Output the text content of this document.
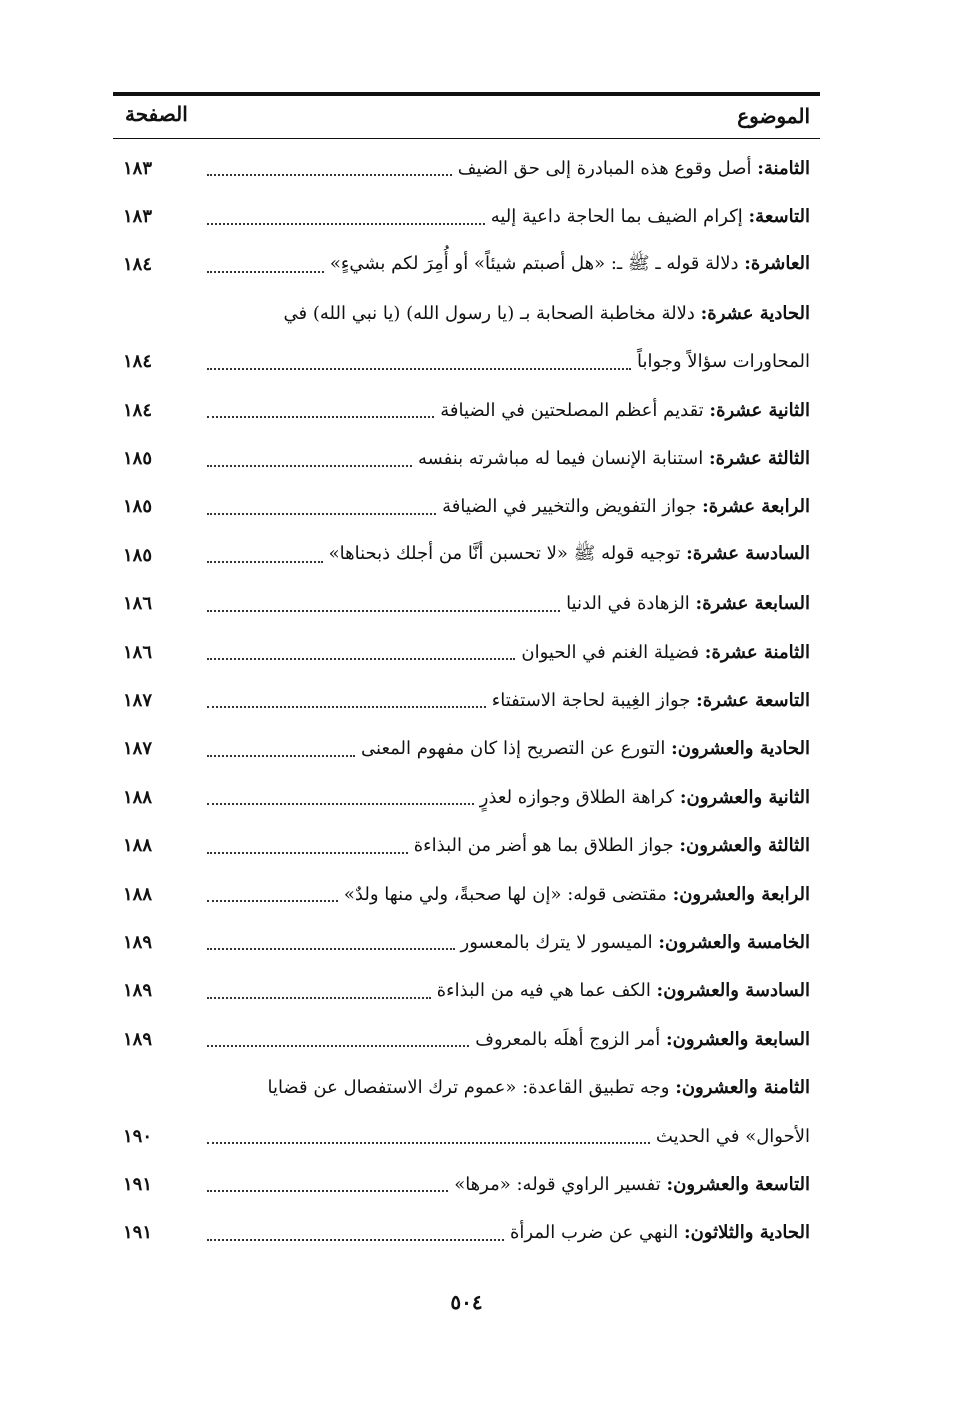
الموضوع
الصفحة
الثامنة: أصل وقوع هذه المبادرة إلى حق الضيف
١٨٣
التاسعة: إكرام الضيف بما الحاجة داعية إليه
١٨٣
العاشرة: دلالة قوله ـ ﷺ ـ: «هل أصبتم شيئاً» أو أُمِرَ لكم بشيءٍ»
١٨٤
الحادية عشرة: دلالة مخاطبة الصحابة بـ (يا رسول الله) (يا نبي الله) في
المحاورات سؤالاً وجواباً
١٨٤
الثانية عشرة: تقديم أعظم المصلحتين في الضيافة
١٨٤
الثالثة عشرة: استنابة الإنسان فيما له مباشرته بنفسه
١٨٥
الرابعة عشرة: جواز التفويض والتخيير في الضيافة
١٨٥
السادسة عشرة: توجيه قوله ﷺ «لا تحسبن أنَّا من أجلك ذبحناها»
١٨٥
السابعة عشرة: الزهادة في الدنيا
١٨٦
الثامنة عشرة: فضيلة الغنم في الحيوان
١٨٦
التاسعة عشرة: جواز الغِيبة لحاجة الاستفتاء
١٨٧
الحادية والعشرون: التورع عن التصريح إذا كان مفهوم المعنى
١٨٧
الثانية والعشرون: كراهة الطلاق وجوازه لعذرٍ
١٨٨
الثالثة والعشرون: جواز الطلاق بما هو أضر من البذاءة
١٨٨
الرابعة والعشرون: مقتضى قوله: «إن لها صحبةً، ولي منها ولدٌ»
١٨٨
الخامسة والعشرون: الميسور لا يترك بالمعسور
١٨٩
السادسة والعشرون: الكف عما هي فيه من البذاءة
١٨٩
السابعة والعشرون: أمر الزوج أهلَه بالمعروف
١٨٩
الثامنة والعشرون: وجه تطبيق القاعدة: «عموم ترك الاستفصال عن قضايا
الأحوال» في الحديث
١٩٠
التاسعة والعشرون: تفسير الراوي قوله: «مرها»
١٩١
الحادية والثلاثون: النهي عن ضرب المرأة
١٩١
٥٠٤
